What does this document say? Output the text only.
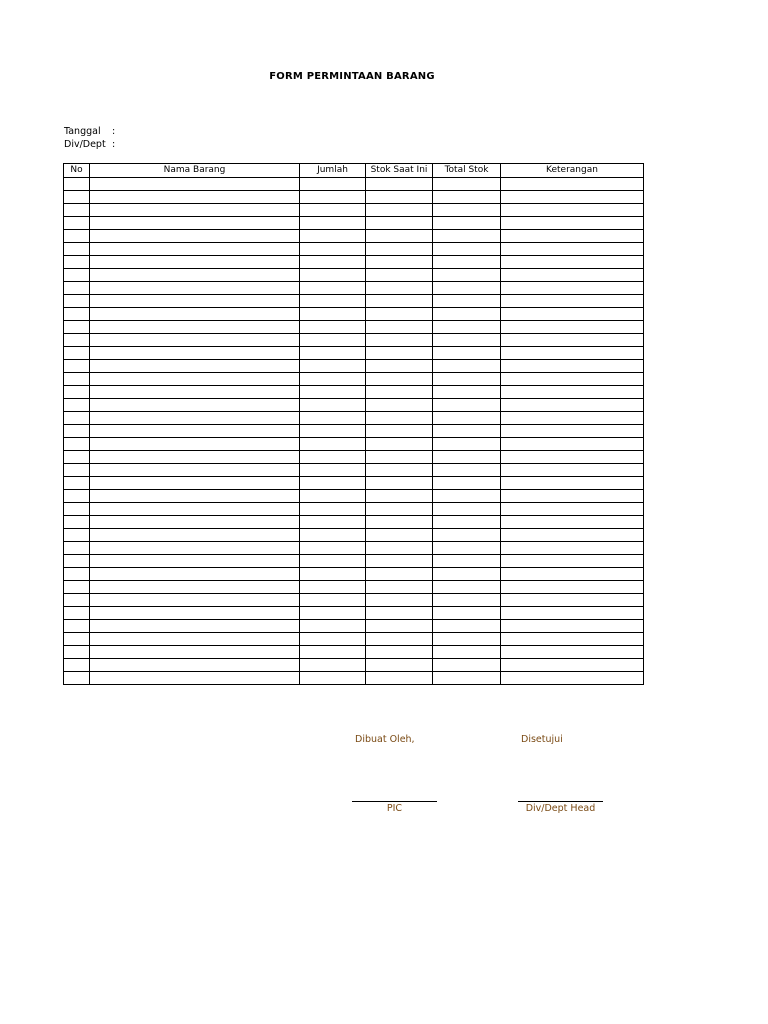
FORM PERMINTAAN BARANG
Tanggal :
Div/Dept :
No	Nama Barang	Jumlah	Stok Saat Ini	Total Stok	Keterangan

Dibuat Oleh,	Disetujui
PIC	Div/Dept Head
